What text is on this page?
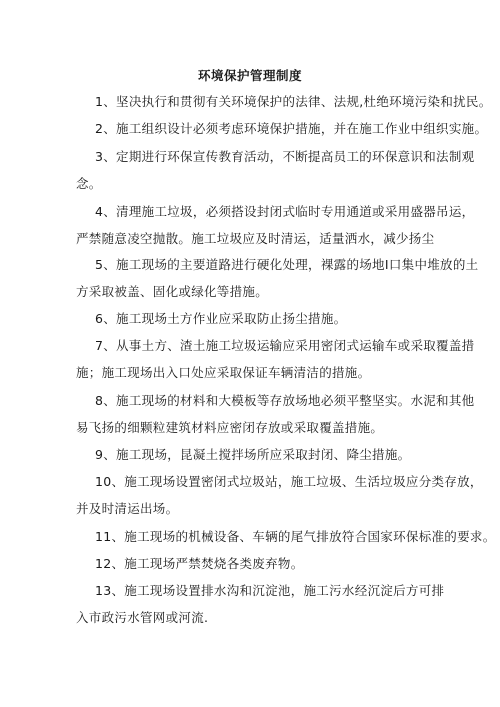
环境保护管理制度
1、坚决执行和贯彻有关环境保护的法律、法规,杜绝环境污染和扰民。
2、施工组织设计必须考虑环境保护措施，并在施工作业中组织实施。
3、定期进行环保宣传教育活动，不断提高员工的环保意识和法制观
念。
4、清理施工垃圾，必须搭设封闭式临时专用通道或采用盛器吊运，
严禁随意凌空抛散。施工垃圾应及时清运，适量洒水，减少扬尘
5、施工现场的主要道路进行硬化处理，裸露的场地I口集中堆放的土
方采取被盖、固化或绿化等措施。
6、施工现场土方作业应采取防止扬尘措施。
7、从事土方、渣土施工垃圾运输应采用密闭式运输车或采取覆盖措
施；施工现场出入口处应采取保证车辆清洁的措施。
8、施工现场的材料和大模板等存放场地必须平整坚实。水泥和其他
易飞扬的细颗粒建筑材料应密闭存放或采取覆盖措施。
9、施工现场，昆凝土搅拌场所应采取封闭、降尘措施。
10、施工现场设置密闭式垃圾站，施工垃圾、生活垃圾应分类存放，
并及时清运出场。
11、施工现场的机械设备、车辆的尾气排放符合国家环保标准的要求。
12、施工现场严禁焚烧各类废弃物。
13、施工现场设置排水沟和沉淀池，施工污水经沉淀后方可排
入市政污水管网或河流.
